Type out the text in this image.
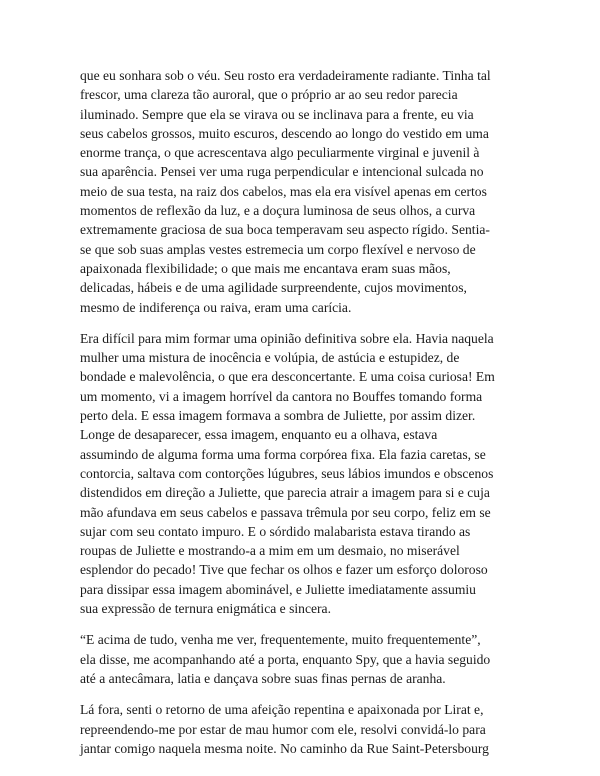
que eu sonhara sob o véu. Seu rosto era verdadeiramente radiante. Tinha tal
frescor, uma clareza tão auroral, que o próprio ar ao seu redor parecia
iluminado. Sempre que ela se virava ou se inclinava para a frente, eu via
seus cabelos grossos, muito escuros, descendo ao longo do vestido em uma
enorme trança, o que acrescentava algo peculiarmente virginal e juvenil à
sua aparência. Pensei ver uma ruga perpendicular e intencional sulcada no
meio de sua testa, na raiz dos cabelos, mas ela era visível apenas em certos
momentos de reflexão da luz, e a doçura luminosa de seus olhos, a curva
extremamente graciosa de sua boca temperavam seu aspecto rígido. Sentia-
se que sob suas amplas vestes estremecia um corpo flexível e nervoso de
apaixonada flexibilidade; o que mais me encantava eram suas mãos,
delicadas, hábeis e de uma agilidade surpreendente, cujos movimentos,
mesmo de indiferença ou raiva, eram uma carícia.

Era difícil para mim formar uma opinião definitiva sobre ela. Havia naquela
mulher uma mistura de inocência e volúpia, de astúcia e estupidez, de
bondade e malevolência, o que era desconcertante. E uma coisa curiosa! Em
um momento, vi a imagem horrível da cantora no Bouffes tomando forma
perto dela. E essa imagem formava a sombra de Juliette, por assim dizer.
Longe de desaparecer, essa imagem, enquanto eu a olhava, estava
assumindo de alguma forma uma forma corpórea fixa. Ela fazia caretas, se
contorcia, saltava com contorções lúgubres, seus lábios imundos e obscenos
distendidos em direção a Juliette, que parecia atrair a imagem para si e cuja
mão afundava em seus cabelos e passava trêmula por seu corpo, feliz em se
sujar com seu contato impuro. E o sórdido malabarista estava tirando as
roupas de Juliette e mostrando-a a mim em um desmaio, no miserável
esplendor do pecado! Tive que fechar os olhos e fazer um esforço doloroso
para dissipar essa imagem abominável, e Juliette imediatamente assumiu
sua expressão de ternura enigmática e sincera.

“E acima de tudo, venha me ver, frequentemente, muito frequentemente”,
ela disse, me acompanhando até a porta, enquanto Spy, que a havia seguido
até a antecâmara, latia e dançava sobre suas finas pernas de aranha.

Lá fora, senti o retorno de uma afeição repentina e apaixonada por Lirat e,
repreendendo-me por estar de mau humor com ele, resolvi convidá-lo para
jantar comigo naquela mesma noite. No caminho da Rue Saint-Petersbourg
